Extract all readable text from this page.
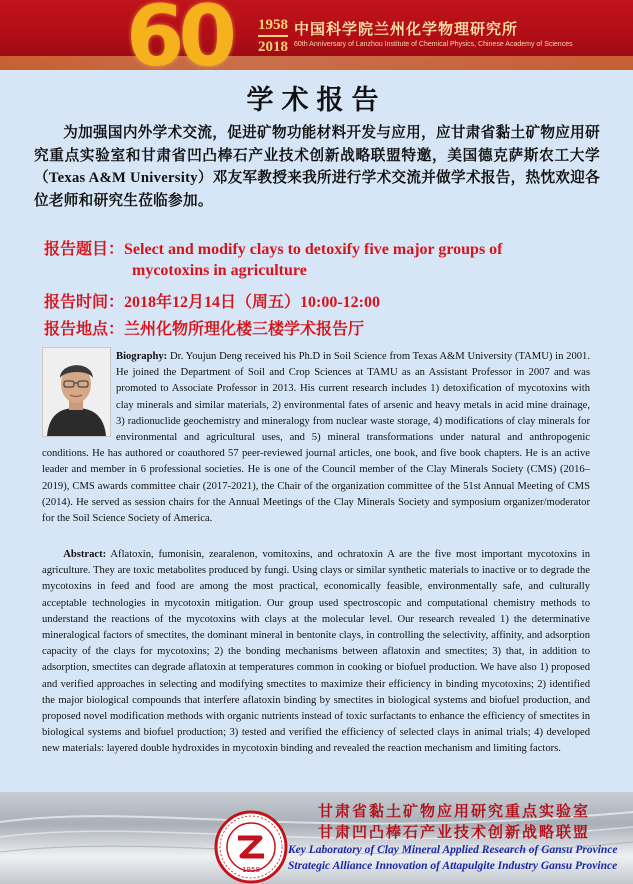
60 1958
2018
中国科学院兰州化学物理研究所
60th Anniversary of Lanzhou Institute of Chemical Physics, Chinese Academy of Sciences
学术报告
为加强国内外学术交流，促进矿物功能材料开发与应用，应甘肃省黏土矿物应用研究重点实验室和甘肃省凹凸棒石产业技术创新战略联盟特邀，美国德克萨斯农工大学（Texas A&M University）邓友军教授来我所进行学术交流并做学术报告，热忱欢迎各位老师和研究生莅临参加。
报告题目：Select and modify clays to detoxify five major groups of
mycotoxins in agriculture
报告时间：2018年12月14日（周五）10:00-12:00
报告地点：兰州化物所理化楼三楼学术报告厅
Biography: Dr. Youjun Deng received his Ph.D in Soil Science from Texas A&M University (TAMU) in 2001. He joined the Department of Soil and Crop Sciences at TAMU as an Assistant Professor in 2007 and was promoted to Associate Professor in 2013. His current research includes 1) detoxification of mycotoxins with clay minerals and similar materials, 2) environmental fates of arsenic and heavy metals in acid mine drainage, 3) radionuclide geochemistry and mineralogy from nuclear waste storage, 4) modifications of clay minerals for environmental and agricultural uses, and 5) mineral transformations under natural and anthropogenic conditions. He has authored or coauthored 57 peer-reviewed journal articles, one book, and five book chapters. He is an active leader and member in 6 professional societies. He is one of the Council member of the Clay Minerals Society (CMS) (2016–2019), CMS awards committee chair (2017-2021), the Chair of the organization committee of the 51st Annual Meeting of CMS (2014). He served as session chairs for the Annual Meetings of the Clay Minerals Society and symposium organizer/moderator for the Soil Science Society of America.
Abstract: Aflatoxin, fumonisin, zearalenon, vomitoxins, and ochratoxin A are the five most important mycotoxins in agriculture. They are toxic metabolites produced by fungi. Using clays or similar synthetic materials to inactive or to degrade the mycotoxins in feed and food are among the most practical, economically feasible, environmentally safe, and culturally acceptable technologies in mycotoxin mitigation. Our group used spectroscopic and computational chemistry methods to understand the reactions of the mycotoxins with clays at the molecular level. Our research revealed 1) the determinative mineralogical factors of smectites, the dominant mineral in bentonite clays, in controlling the selectivity, affinity, and adsorption capacity of the clays for mycotoxins; 2) the bonding mechanisms between aflatoxin and smectites; 3) that, in addition to adsorption, smectites can degrade aflatoxin at temperatures common in cooking or biofuel production. We have also 1) proposed and verified approaches in selecting and modifying smectites to maximize their efficiency in binding mycotoxins; 2) identified the major biological compounds that interfere aflatoxin binding by smectites in biological systems and biofuel production, and proposed novel modification methods with organic nutrients instead of toxic surfactants to enhance the efficiency of smectites in biological systems and biofuel production; 3) tested and verified the efficiency of selected clays in animal trials; 4) developed new materials: layered double hydroxides in mycotoxin binding and revealed the reaction mechanism and limiting factors.
1958
甘肃省黏土矿物应用研究重点实验室
甘肃凹凸棒石产业技术创新战略联盟
Key Laboratory of Clay Mineral Applied Research of Gansu Province
Strategic Alliance Innovation of Attapulgite Industry Gansu Province
